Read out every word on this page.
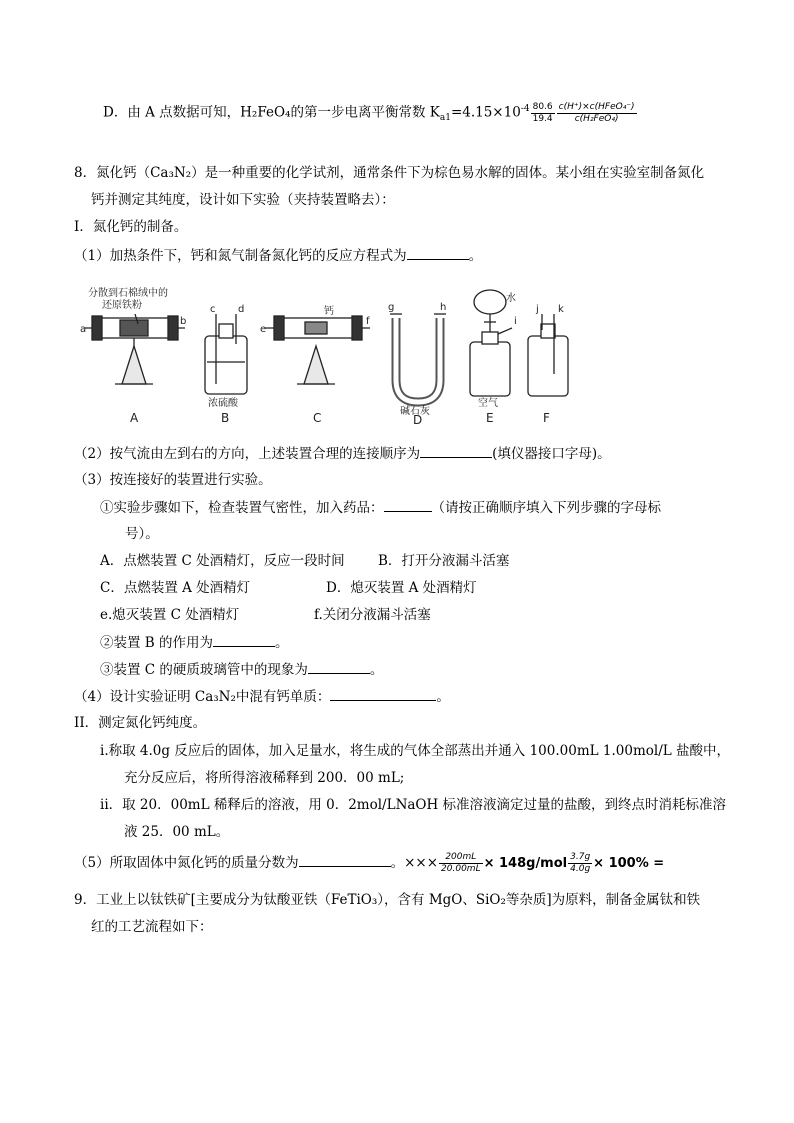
D．由 A 点数据可知，H₂FeO₄的第一步电离平衡常数 $K_{a1}=4.15\times 10^{-4} \frac{80.6}{19.4} \frac{\text{c(H⁺)×c(HFeO₄⁻)}}{\text{c(H₂FeO₄)}}$
8．氮化钙（Ca₃N₂）是一种重要的化学试剂，通常条件下为棕色易水解的固体。某小组在实验室制备氮化
钙并测定其纯度，设计如下实验（夹持装置略去）：
I．氮化钙的制备。
（1）加热条件下，钙和氮气制备氮化钙的反应方程式为	。
分散到石棉绒中的
还原铁粉
钙
水
浓硫酸
碱石灰
空气
a
b
c d
e
f
g	h
i
j k
A	B	C	D	E	F
（2）按气流由左到右的方向，上述装置合理的连接顺序为	(填仪器接口字母)。
（3）按连接好的装置进行实验。
①实验步骤如下，检查装置气密性，加入药品：	（请按正确顺序填入下列步骤的字母标
号）。
A．点燃装置 C 处酒精灯，反应一段时间 B．打开分液漏斗活塞
C．点燃装置 A 处酒精灯	D．熄灭装置 A 处酒精灯
e.熄灭装置 C 处酒精灯	f.关闭分液漏斗活塞
②装置 B 的作用为	。
③装置 C 的硬质玻璃管中的现象为	。
（4）设计实验证明 Ca₃N₂中混有钙单质：	。
II．测定氮化钙纯度。
i.称取 4.0g 反应后的固体，加入足量水，将生成的气体全部蒸出并通入 100.00mL 1.00mol/L 盐酸中，
充分反应后，将所得溶液稀释到 200．00 mL;
ii．取 20．00mL 稀释后的溶液，用 0．2mol/LNaOH 标准溶液滴定过量的盐酸，到终点时消耗标准溶
液 25．00 mL。
（5）所取固体中氮化钙的质量分数为	。××× $\frac{200mL}{20.00mL} \times 148g/mol \frac{3.7g}{4.0g} \times 100\%$ =
9．工业上以钛铁矿[主要成分为钛酸亚铁（FeTiO₃），含有 MgO、SiO₂等杂质]为原料，制备金属钛和铁
红的工艺流程如下：
